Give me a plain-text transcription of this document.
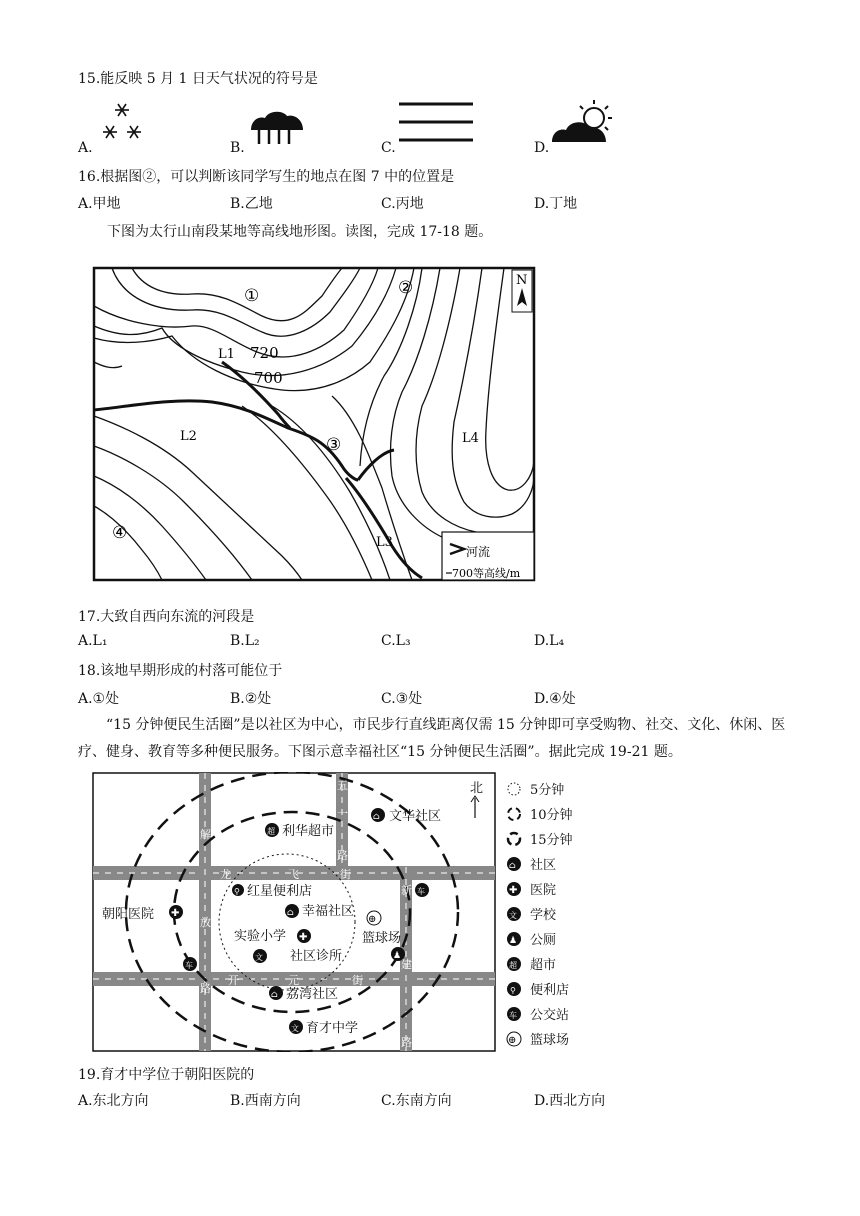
15.能反映 5 月 1 日天气状况的符号是
A.	B.	C.	D.
16.根据图②，可以判断该同学写生的地点在图 7 中的位置是
A.甲地	B.乙地	C.丙地	D.丁地
下图为太行山南段某地等高线地形图。读图，完成 17-18 题。
①	②
③
④
L1
L2
L3
L4
720
700
N
河流
700 等高线/m
17.大致自西向东流的河段是
A.L₁	B.L₂	C.L₃	D.L₄
18.该地早期形成的村落可能位于
A.①处	B.②处	C.③处	D.④处
“15 分钟便民生活圈”是以社区为中心，市民步行直线距离仅需 15 分钟即可享受购物、社交、文化、休闲、医疗、健身、教育等多种便民服务。下图示意幸福社区“15 分钟便民生活圈”。据此完成 19-21 题。
五
一
路
龙	飞	街
新
建
路
解
放
路
开	元	街
⌂ 文华社区
超 利华超市
⚲ 红星便利店
⌂ 幸福社区
朝阳医院 ✚
实验小学 ✚
文 社区诊所
⊕
篮球场
♟
⌂ 荔湾社区
文 育才中学
车
车
北	5分钟
10分钟
15分钟
⌂ 社区
✚ 医院
文 学校
♟ 公厕
超 超市
⚲ 便利店
车 公交站
⊕ 篮球场
19.育才中学位于朝阳医院的
A.东北方向	B.西南方向	C.东南方向	D.西北方向
